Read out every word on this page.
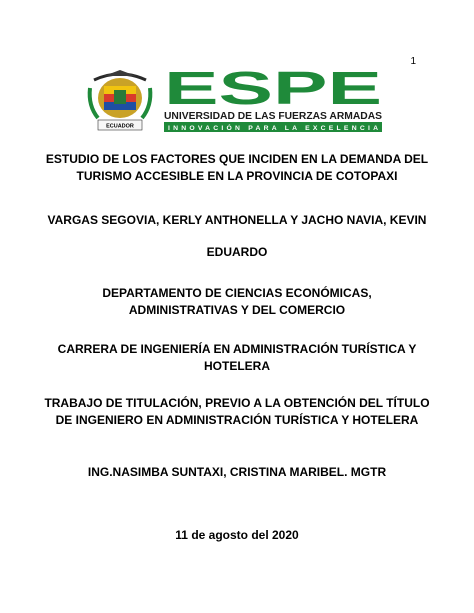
1
ECUADOR
ESPE
UNIVERSIDAD DE LAS FUERZAS ARMADAS
INNOVACIÓN PARA LA EXCELENCIA
ESTUDIO DE LOS FACTORES QUE INCIDEN EN LA DEMANDA DEL
TURISMO ACCESIBLE EN LA PROVINCIA DE COTOPAXI
VARGAS SEGOVIA, KERLY ANTHONELLA Y JACHO NAVIA, KEVIN
EDUARDO
DEPARTAMENTO DE CIENCIAS ECONÓMICAS,
ADMINISTRATIVAS Y DEL COMERCIO
CARRERA DE INGENIERÍA EN ADMINISTRACIÓN TURÍSTICA Y
HOTELERA
TRABAJO DE TITULACIÓN, PREVIO A LA OBTENCIÓN DEL TÍTULO
DE INGENIERO EN ADMINISTRACIÓN TURÍSTICA Y HOTELERA
ING.NASIMBA SUNTAXI, CRISTINA MARIBEL. MGTR
11 de agosto del 2020
